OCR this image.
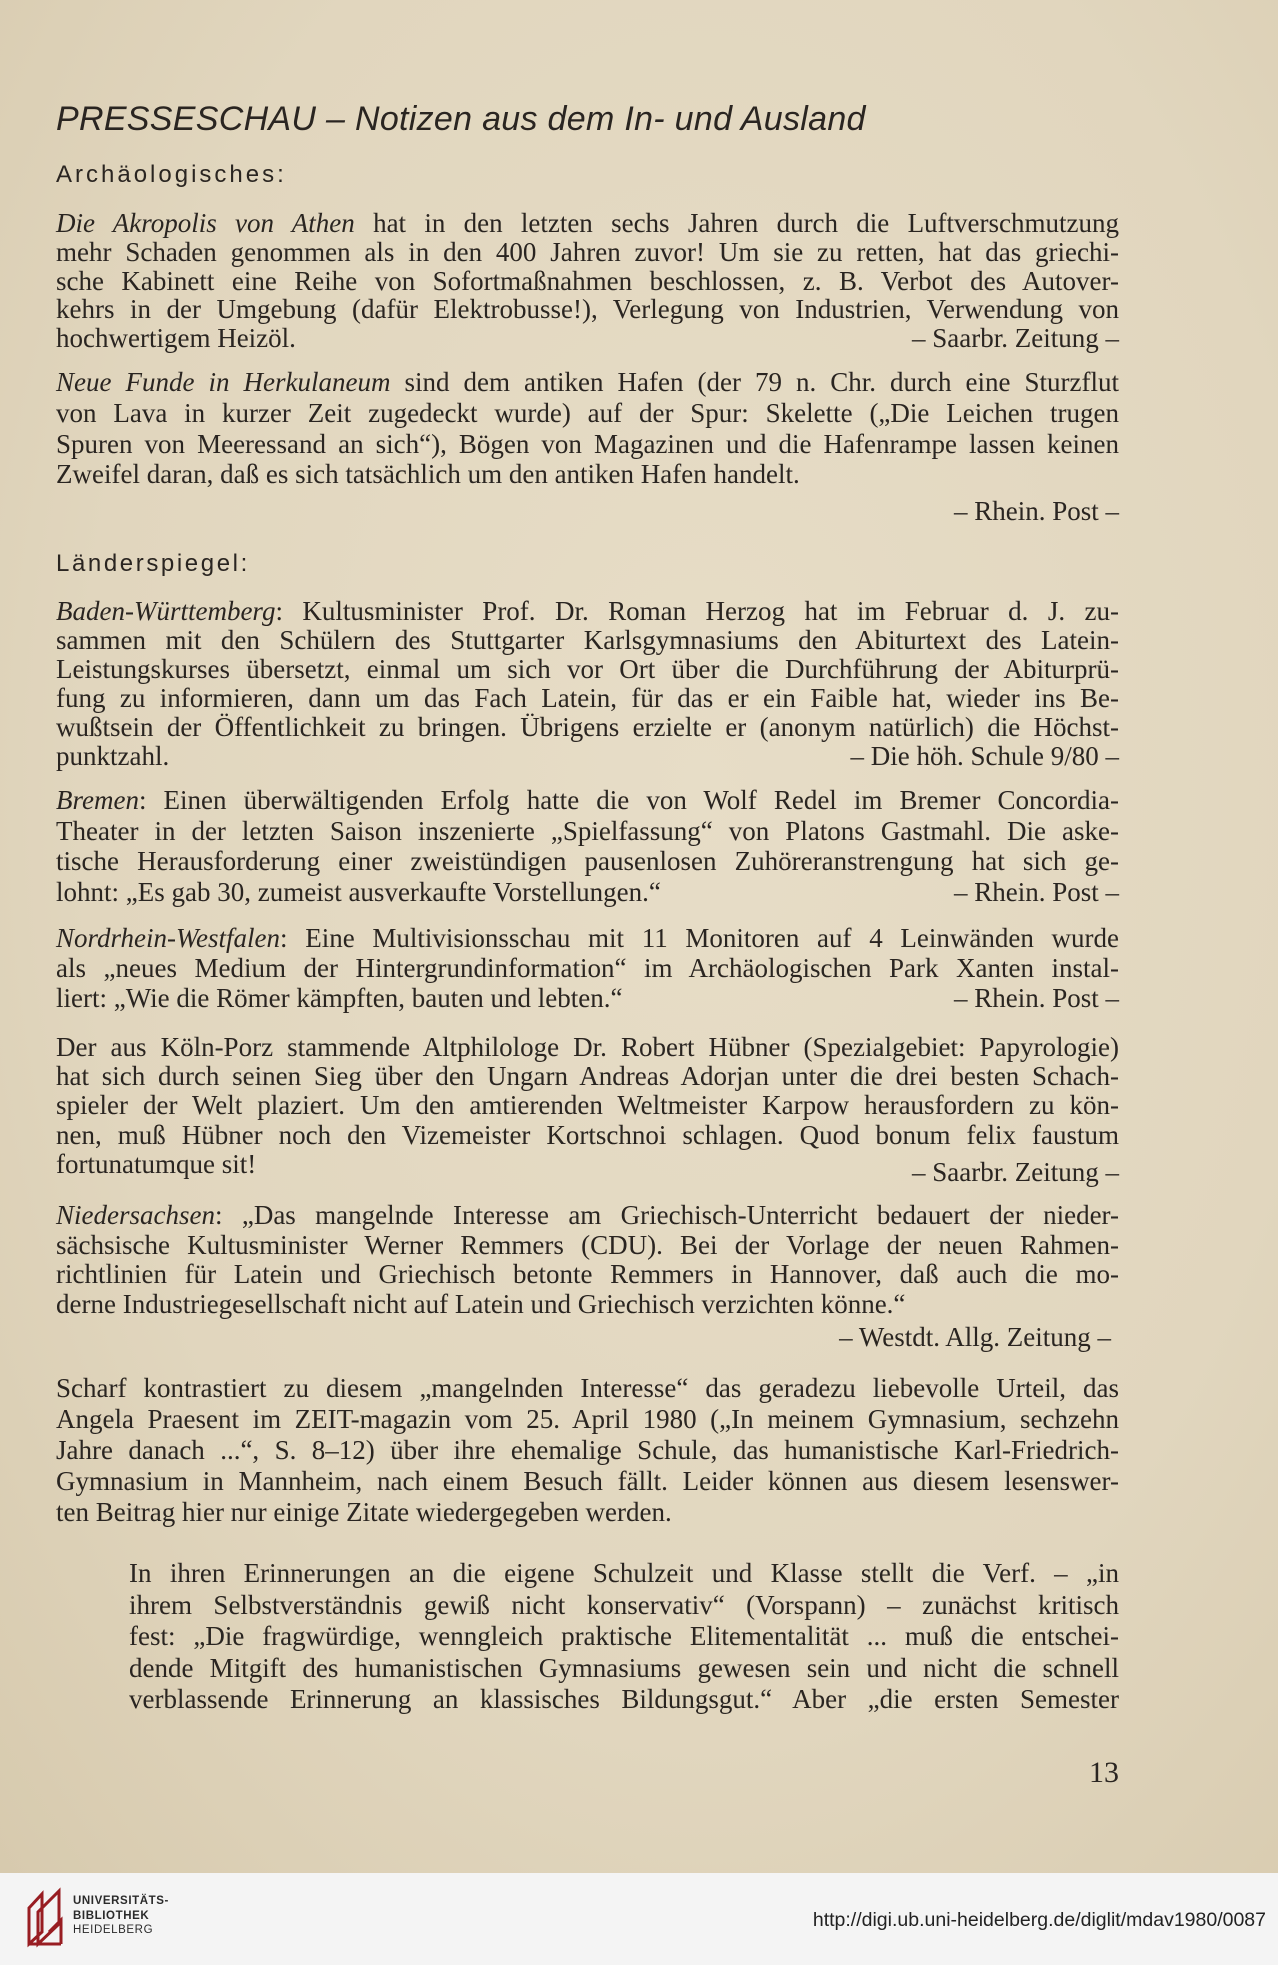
PRESSESCHAU – Notizen aus dem In- und Ausland
Archäologisches:
Die Akropolis von Athen hat in den letzten sechs Jahren durch die Luftverschmutzung
mehr Schaden genommen als in den 400 Jahren zuvor! Um sie zu retten, hat das griechi-
sche Kabinett eine Reihe von Sofortmaßnahmen beschlossen, z. B. Verbot des Autover-
kehrs in der Umgebung (dafür Elektrobusse!), Verlegung von Industrien, Verwendung von
hochwertigem Heizöl.	– Saarbr. Zeitung –
Neue Funde in Herkulaneum sind dem antiken Hafen (der 79 n. Chr. durch eine Sturzflut
von Lava in kurzer Zeit zugedeckt wurde) auf der Spur: Skelette („Die Leichen trugen
Spuren von Meeressand an sich“), Bögen von Magazinen und die Hafenrampe lassen keinen
Zweifel daran, daß es sich tatsächlich um den antiken Hafen handelt.
– Rhein. Post –
Länderspiegel:
Baden-Württemberg: Kultusminister Prof. Dr. Roman Herzog hat im Februar d. J. zu-
sammen mit den Schülern des Stuttgarter Karlsgymnasiums den Abiturtext des Latein-
Leistungskurses übersetzt, einmal um sich vor Ort über die Durchführung der Abiturprü-
fung zu informieren, dann um das Fach Latein, für das er ein Faible hat, wieder ins Be-
wußtsein der Öffentlichkeit zu bringen. Übrigens erzielte er (anonym natürlich) die Höchst-
punktzahl.	– Die höh. Schule 9/80 –
Bremen: Einen überwältigenden Erfolg hatte die von Wolf Redel im Bremer Concordia-
Theater in der letzten Saison inszenierte „Spielfassung“ von Platons Gastmahl. Die aske-
tische Herausforderung einer zweistündigen pausenlosen Zuhöreranstrengung hat sich ge-
lohnt: „Es gab 30, zumeist ausverkaufte Vorstellungen.“	– Rhein. Post –
Nordrhein-Westfalen: Eine Multivisionsschau mit 11 Monitoren auf 4 Leinwänden wurde
als „neues Medium der Hintergrundinformation“ im Archäologischen Park Xanten instal-
liert: „Wie die Römer kämpften, bauten und lebten.“	– Rhein. Post –
Der aus Köln-Porz stammende Altphilologe Dr. Robert Hübner (Spezialgebiet: Papyrologie)
hat sich durch seinen Sieg über den Ungarn Andreas Adorjan unter die drei besten Schach-
spieler der Welt plaziert. Um den amtierenden Weltmeister Karpow herausfordern zu kön-
nen, muß Hübner noch den Vizemeister Kortschnoi schlagen. Quod bonum felix faustum
fortunatumque sit!	– Saarbr. Zeitung –
Niedersachsen: „Das mangelnde Interesse am Griechisch-Unterricht bedauert der nieder-
sächsische Kultusminister Werner Remmers (CDU). Bei der Vorlage der neuen Rahmen-
richtlinien für Latein und Griechisch betonte Remmers in Hannover, daß auch die mo-
derne Industriegesellschaft nicht auf Latein und Griechisch verzichten könne.“
– Westdt. Allg. Zeitung –
Scharf kontrastiert zu diesem „mangelnden Interesse“ das geradezu liebevolle Urteil, das
Angela Praesent im ZEIT-magazin vom 25. April 1980 („In meinem Gymnasium, sechzehn
Jahre danach ...“, S. 8–12) über ihre ehemalige Schule, das humanistische Karl-Friedrich-
Gymnasium in Mannheim, nach einem Besuch fällt. Leider können aus diesem lesenswer-
ten Beitrag hier nur einige Zitate wiedergegeben werden.
In ihren Erinnerungen an die eigene Schulzeit und Klasse stellt die Verf. – „in
ihrem Selbstverständnis gewiß nicht konservativ“ (Vorspann) – zunächst kritisch
fest: „Die fragwürdige, wenngleich praktische Elitementalität ... muß die entschei-
dende Mitgift des humanistischen Gymnasiums gewesen sein und nicht die schnell
verblassende Erinnerung an klassisches Bildungsgut.“ Aber „die ersten Semester
13
UNIVERSITÄTS-
BIBLIOTHEK
HEIDELBERG	http://digi.ub.uni-heidelberg.de/diglit/mdav1980/0087
